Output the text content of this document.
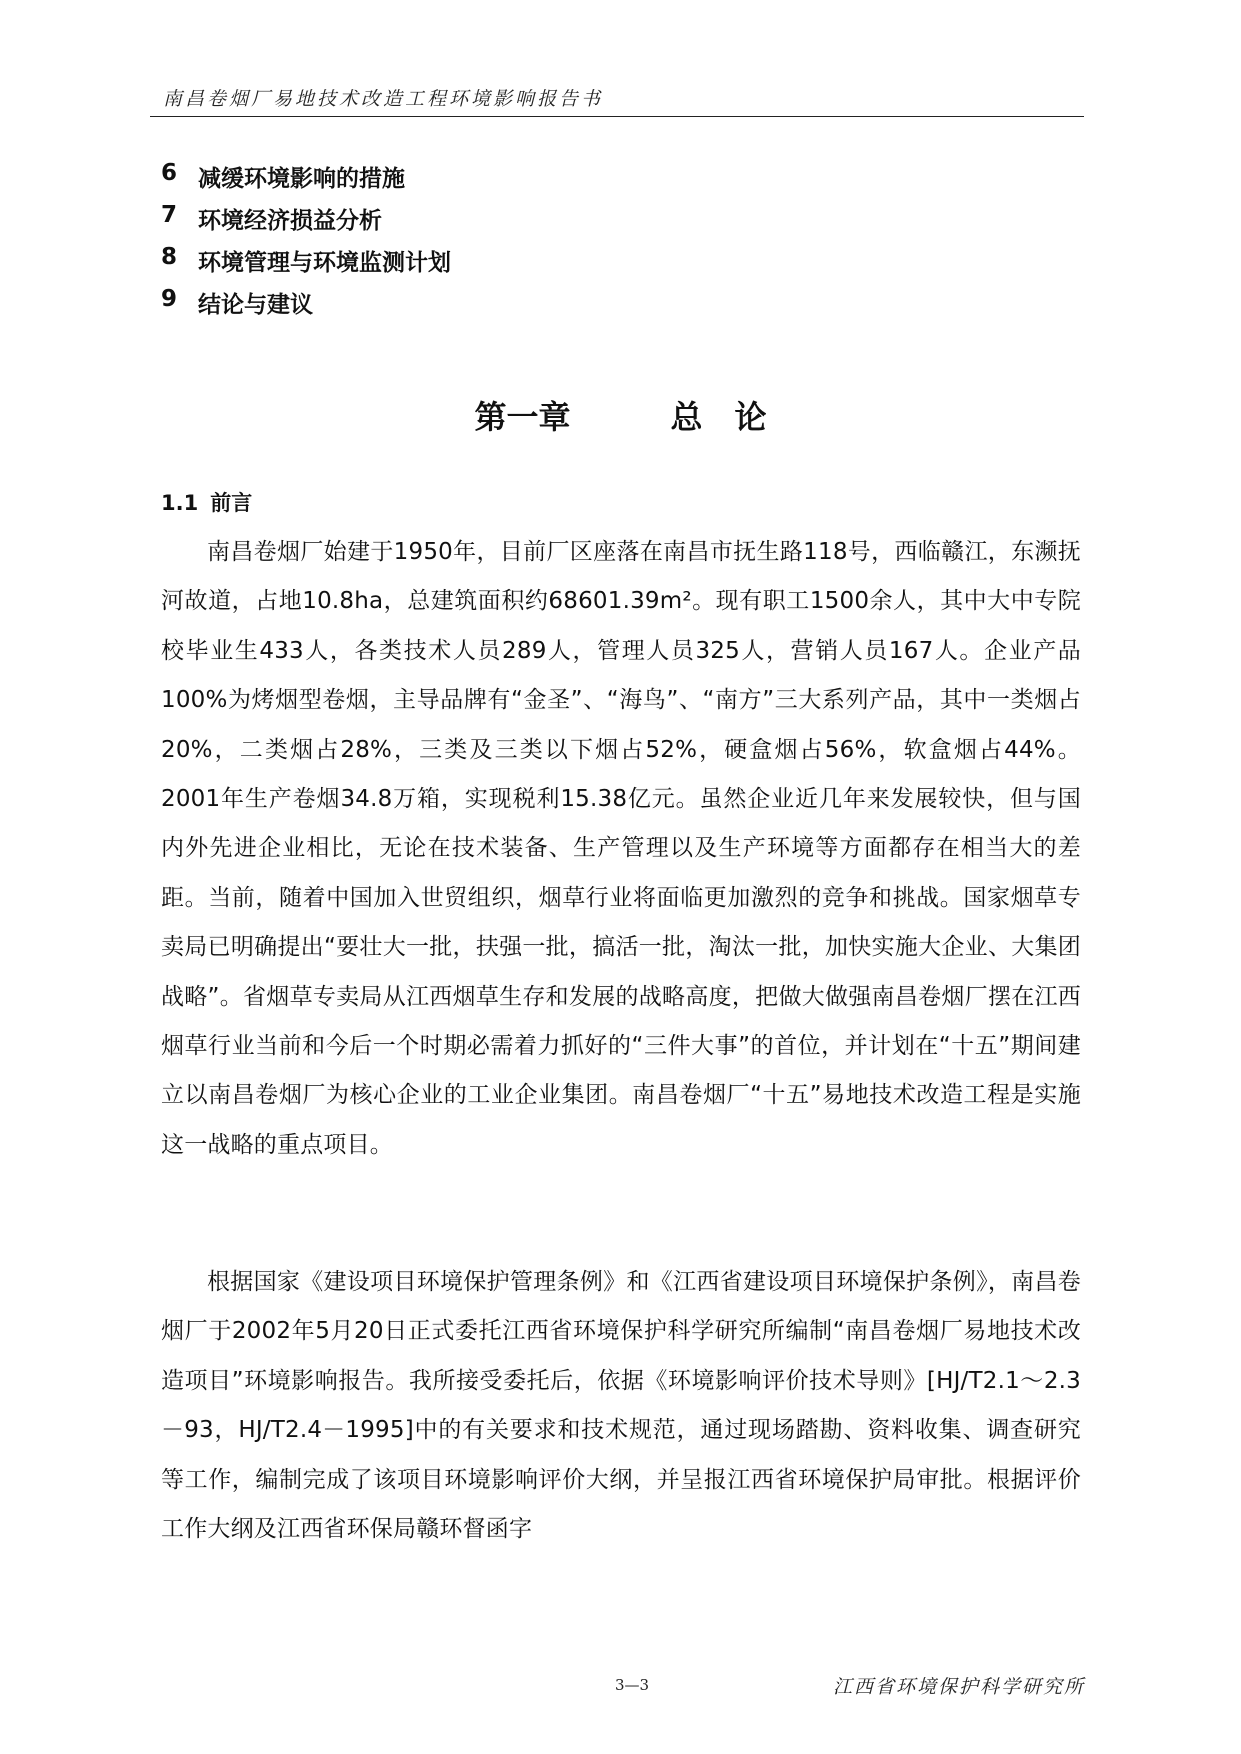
南昌卷烟厂易地技术改造工程环境影响报告书
6 减缓环境影响的措施
7 环境经济损益分析
8 环境管理与环境监测计划
9 结论与建议
第一章	总　论
1.1 前言

南昌卷烟厂始建于1950年，目前厂区座落在南昌市抚生路118号，西临赣江，东濒抚河故道，占地10.8ha，总建筑面积约68601.39m²。现有职工1500余人，其中大中专院校毕业生433人，各类技术人员289人，管理人员325人，营销人员167人。企业产品100%为烤烟型卷烟，主导品牌有“金圣”、“海鸟”、“南方”三大系列产品，其中一类烟占20%，二类烟占28%，三类及三类以下烟占52%，硬盒烟占56%，软盒烟占44%。2001年生产卷烟34.8万箱，实现税利15.38亿元。虽然企业近几年来发展较快，但与国内外先进企业相比，无论在技术装备、生产管理以及生产环境等方面都存在相当大的差距。当前，随着中国加入世贸组织，烟草行业将面临更加激烈的竞争和挑战。国家烟草专卖局已明确提出“要壮大一批，扶强一批，搞活一批，淘汰一批，加快实施大企业、大集团战略”。省烟草专卖局从江西烟草生存和发展的战略高度，把做大做强南昌卷烟厂摆在江西烟草行业当前和今后一个时期必需着力抓好的“三件大事”的首位，并计划在“十五”期间建立以南昌卷烟厂为核心企业的工业企业集团。南昌卷烟厂“十五”易地技术改造工程是实施这一战略的重点项目。

根据国家《建设项目环境保护管理条例》和《江西省建设项目环境保护条例》，南昌卷烟厂于2002年5月20日正式委托江西省环境保护科学研究所编制“南昌卷烟厂易地技术改造项目”环境影响报告。我所接受委托后，依据《环境影响评价技术导则》[HJ/T2.1～2.3－93，HJ/T2.4－1995]中的有关要求和技术规范，通过现场踏勘、资料收集、调查研究等工作，编制完成了该项目环境影响评价大纲，并呈报江西省环境保护局审批。根据评价工作大纲及江西省环保局赣环督函字

3—3	江西省环境保护科学研究所
